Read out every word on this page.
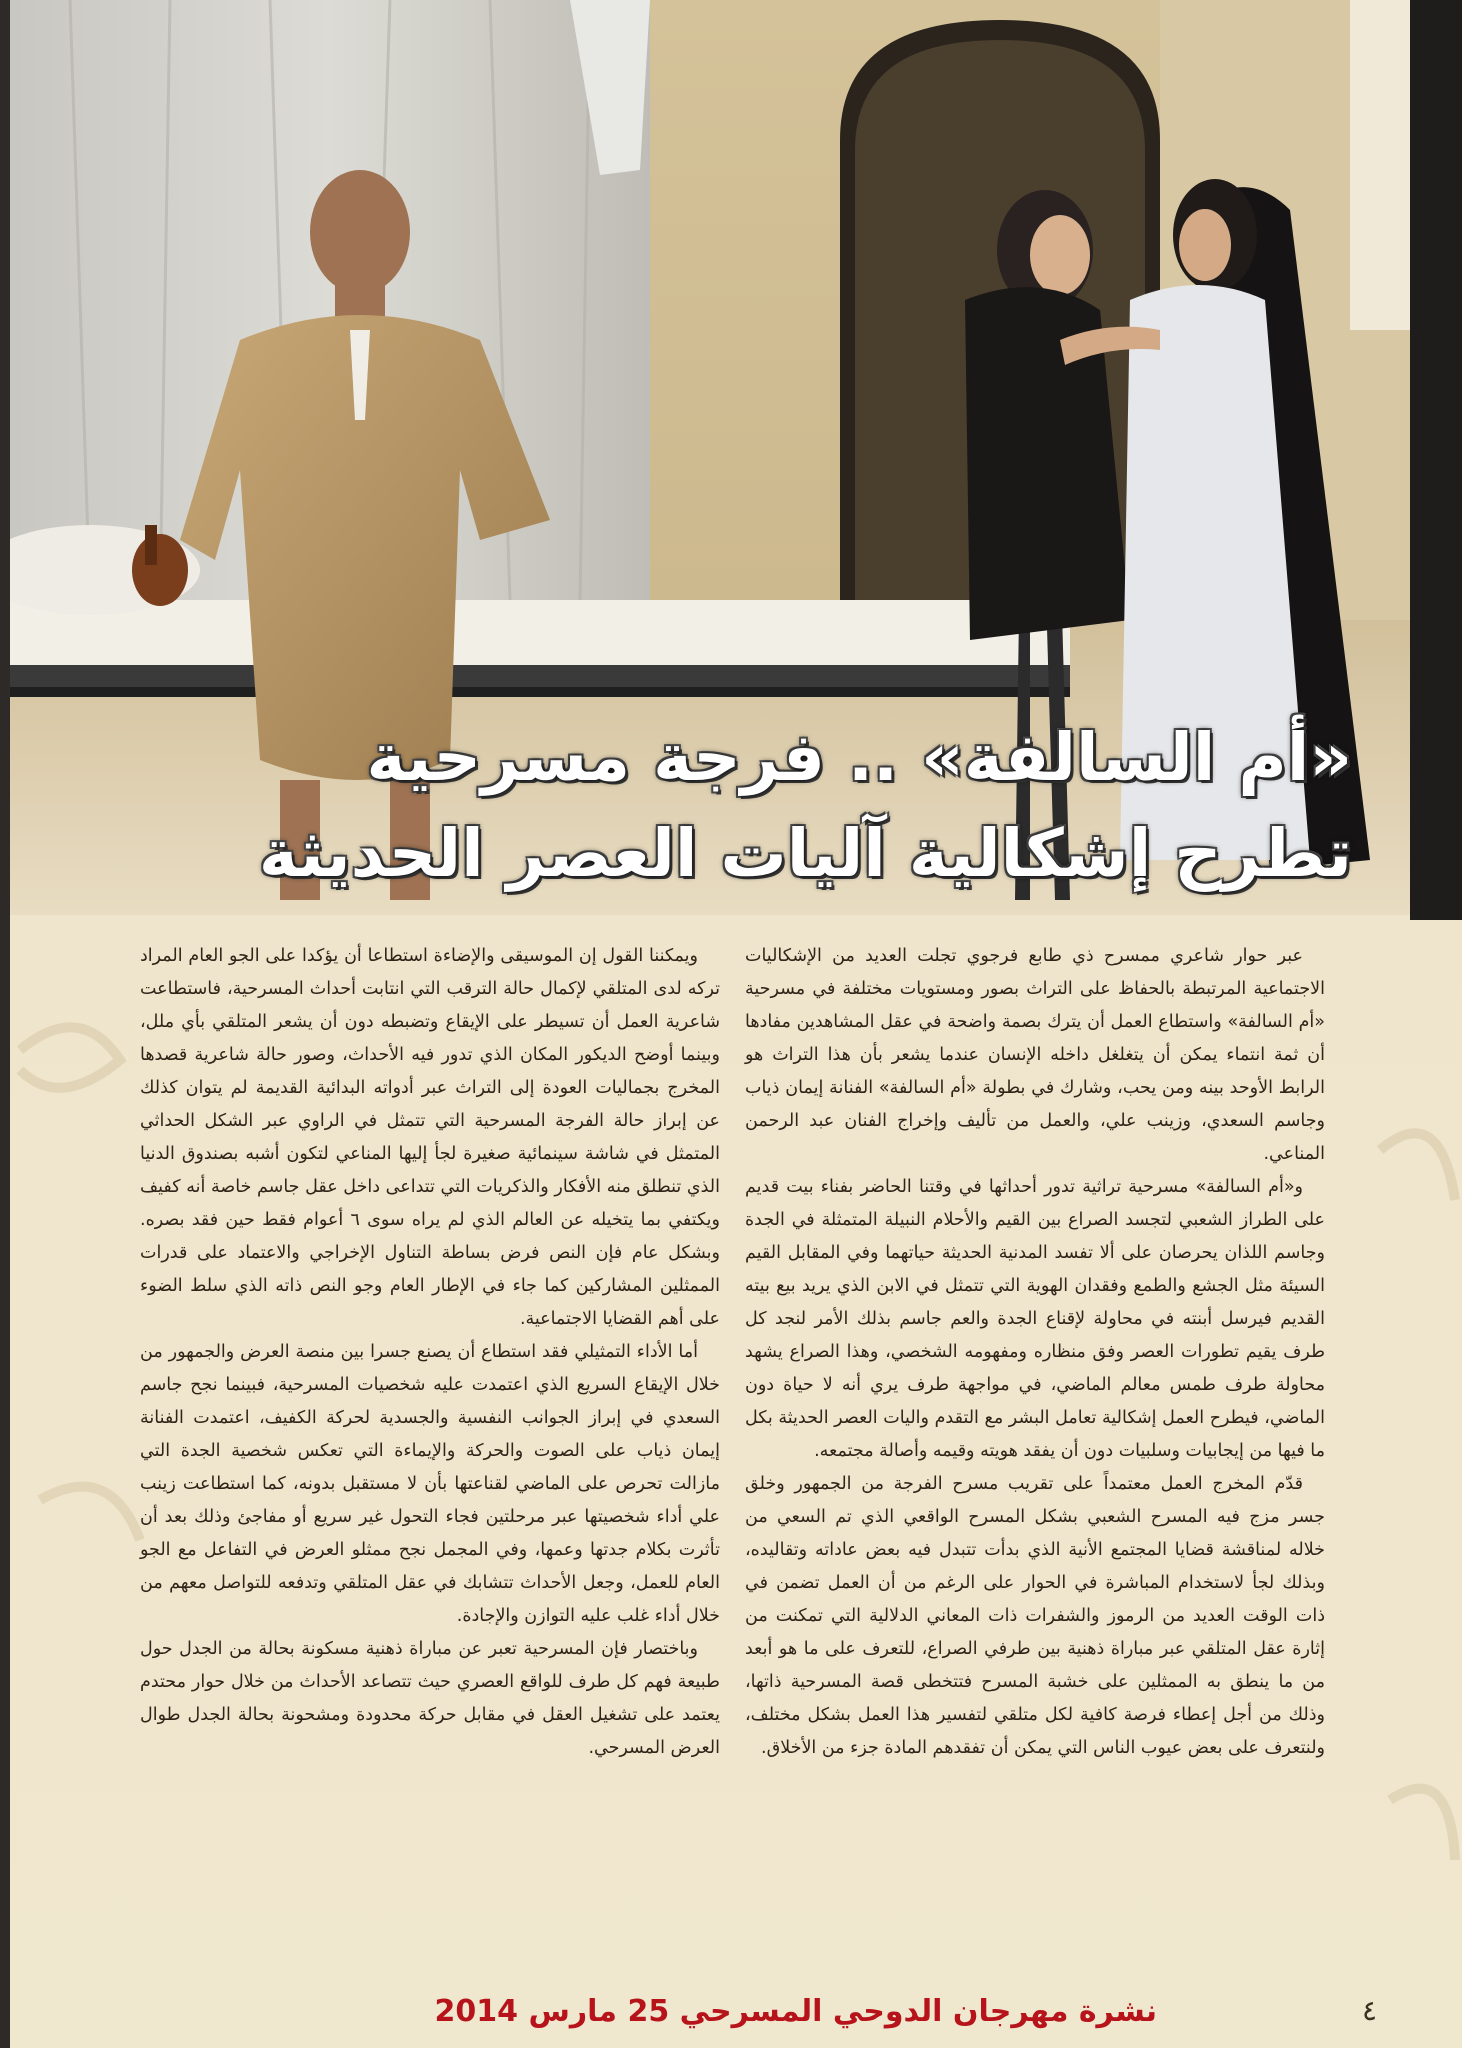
«أم السالفة» .. فرجة مسرحية
تطرح إشكالية آليات العصر الحديثة

عبر حوار شاعري ممسرح ذي طابع فرجوي تجلت العديد من الإشكاليات الاجتماعية المرتبطة بالحفاظ على التراث بصور ومستويات مختلفة في مسرحية «أم السالفة» واستطاع العمل أن يترك بصمة واضحة في عقل المشاهدين مفادها أن ثمة انتماء يمكن أن يتغلغل داخله الإنسان عندما يشعر بأن هذا التراث هو الرابط الأوحد بينه ومن يحب، وشارك في بطولة «أم السالفة» الفنانة إيمان ذياب وجاسم السعدي، وزينب علي، والعمل من تأليف وإخراج الفنان عبد الرحمن المناعي.

و«أم السالفة» مسرحية تراثية تدور أحداثها في وقتنا الحاضر بفناء بيت قديم على الطراز الشعبي لتجسد الصراع بين القيم والأحلام النبيلة المتمثلة في الجدة وجاسم اللذان يحرصان على ألا تفسد المدنية الحديثة حياتهما وفي المقابل القيم السيئة مثل الجشع والطمع وفقدان الهوية التي تتمثل في الابن الذي يريد بيع بيته القديم فيرسل أبنته في محاولة لإقناع الجدة والعم جاسم بذلك الأمر لنجد كل طرف يقيم تطورات العصر وفق منظاره ومفهومه الشخصي، وهذا الصراع يشهد محاولة طرف طمس معالم الماضي، في مواجهة طرف يري أنه لا حياة دون الماضي، فيطرح العمل إشكالية تعامل البشر مع التقدم واليات العصر الحديثة بكل ما فيها من إيجابيات وسلبيات دون أن يفقد هويته وقيمه وأصالة مجتمعه.

قدّم المخرج العمل معتمداً على تقريب مسرح الفرجة من الجمهور وخلق جسر مزج فيه المسرح الشعبي بشكل المسرح الواقعي الذي تم السعي من خلاله لمناقشة قضايا المجتمع الأنية الذي بدأت تتبدل فيه بعض عاداته وتقاليده، وبذلك لجأ لاستخدام المباشرة في الحوار على الرغم من أن العمل تضمن في ذات الوقت العديد من الرموز والشفرات ذات المعاني الدلالية التي تمكنت من إثارة عقل المتلقي عبر مباراة ذهنية بين طرفي الصراع، للتعرف على ما هو أبعد من ما ينطق به الممثلين على خشبة المسرح فتتخطى قصة المسرحية ذاتها، وذلك من أجل إعطاء فرصة كافية لكل متلقي لتفسير هذا العمل بشكل مختلف، ولنتعرف على بعض عيوب الناس التي يمكن أن تفقدهم المادة جزء من الأخلاق.

ويمكننا القول إن الموسيقى والإضاءة استطاعا أن يؤكدا على الجو العام المراد تركه لدى المتلقي لإكمال حالة الترقب التي انتابت أحداث المسرحية، فاستطاعت شاعرية العمل أن تسيطر على الإيقاع وتضبطه دون أن يشعر المتلقي بأي ملل، وبينما أوضح الديكور المكان الذي تدور فيه الأحداث، وصور حالة شاعرية قصدها المخرج بجماليات العودة إلى التراث عبر أدواته البدائية القديمة لم يتوان كذلك عن إبراز حالة الفرجة المسرحية التي تتمثل في الراوي عبر الشكل الحداثي المتمثل في شاشة سينمائية صغيرة لجأ إليها المناعي لتكون أشبه بصندوق الدنيا الذي تنطلق منه الأفكار والذكريات التي تتداعى داخل عقل جاسم خاصة أنه كفيف ويكتفي بما يتخيله عن العالم الذي لم يراه سوى ٦ أعوام فقط حين فقد بصره. وبشكل عام فإن النص فرض بساطة التناول الإخراجي والاعتماد على قدرات الممثلين المشاركين كما جاء في الإطار العام وجو النص ذاته الذي سلط الضوء على أهم القضايا الاجتماعية.

أما الأداء التمثيلي فقد استطاع أن يصنع جسرا بين منصة العرض والجمهور من خلال الإيقاع السريع الذي اعتمدت عليه شخصيات المسرحية، فبينما نجح جاسم السعدي في إبراز الجوانب النفسية والجسدية لحركة الكفيف، اعتمدت الفنانة إيمان ذياب على الصوت والحركة والإيماءة التي تعكس شخصية الجدة التي مازالت تحرص على الماضي لقناعتها بأن لا مستقبل بدونه، كما استطاعت زينب علي أداء شخصيتها عبر مرحلتين فجاء التحول غير سريع أو مفاجئ وذلك بعد أن تأثرت بكلام جدتها وعمها، وفي المجمل نجح ممثلو العرض في التفاعل مع الجو العام للعمل، وجعل الأحداث تتشابك في عقل المتلقي وتدفعه للتواصل معهم من خلال أداء غلب عليه التوازن والإجادة.

وباختصار فإن المسرحية تعبر عن مباراة ذهنية مسكونة بحالة من الجدل حول طبيعة فهم كل طرف للواقع العصري حيث تتصاعد الأحداث من خلال حوار محتدم يعتمد على تشغيل العقل في مقابل حركة محدودة ومشحونة بحالة الجدل طوال العرض المسرحي.

نشرة مهرجان الدوحي المسرحي 25 مارس 2014	٤
